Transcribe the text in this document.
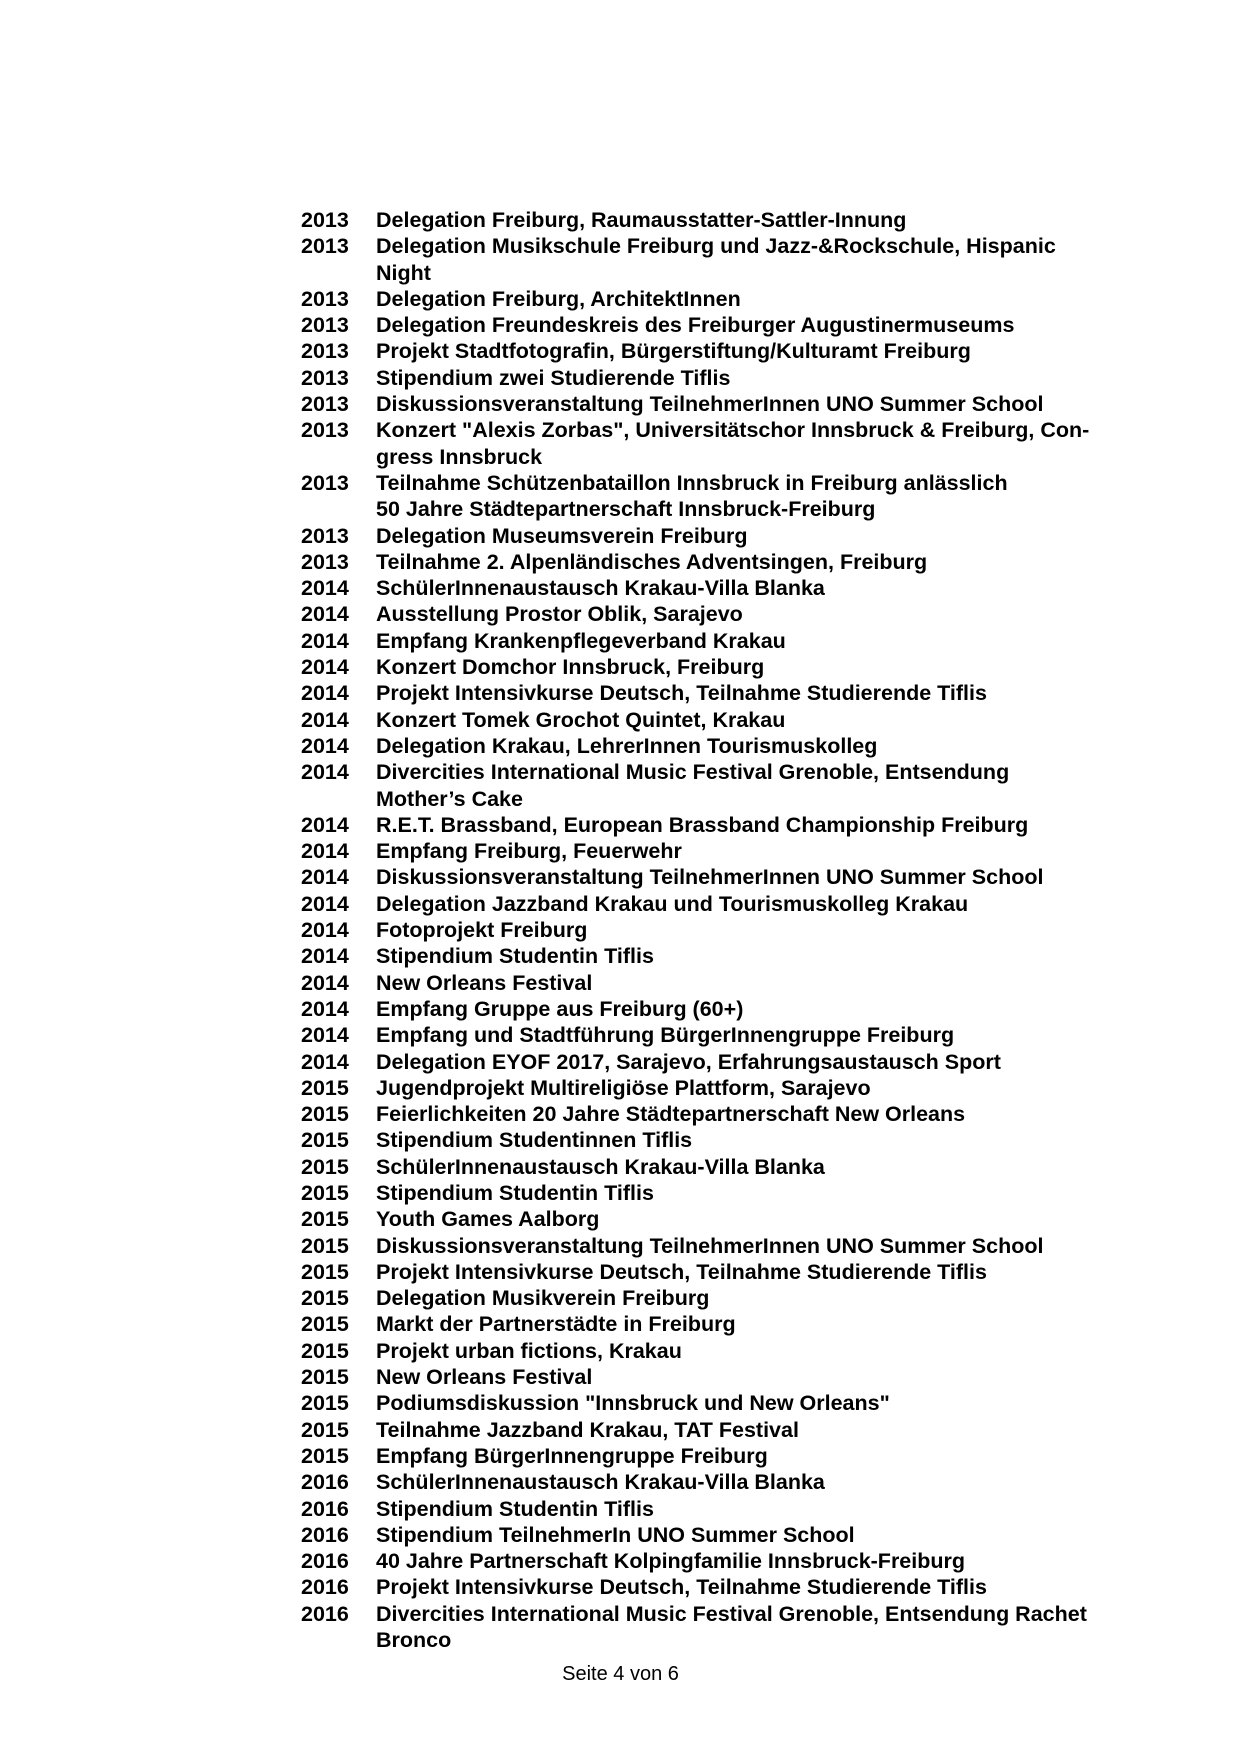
2013	Delegation Freiburg, Raumausstatter-Sattler-Innung
2013	Delegation Musikschule Freiburg und Jazz-&Rockschule, Hispanic
Night
2013	Delegation Freiburg, ArchitektInnen
2013	Delegation Freundeskreis des Freiburger Augustinermuseums
2013	Projekt Stadtfotografin, Bürgerstiftung/Kulturamt Freiburg
2013	Stipendium zwei Studierende Tiflis
2013	Diskussionsveranstaltung TeilnehmerInnen UNO Summer School
2013	Konzert "Alexis Zorbas", Universitätschor Innsbruck & Freiburg, Con-
gress Innsbruck
2013	Teilnahme Schützenbataillon Innsbruck in Freiburg anlässlich
50 Jahre Städtepartnerschaft Innsbruck-Freiburg
2013	Delegation Museumsverein Freiburg
2013	Teilnahme 2. Alpenländisches Adventsingen, Freiburg
2014	SchülerInnenaustausch Krakau-Villa Blanka
2014	Ausstellung Prostor Oblik, Sarajevo
2014	Empfang Krankenpflegeverband Krakau
2014	Konzert Domchor Innsbruck, Freiburg
2014	Projekt Intensivkurse Deutsch, Teilnahme Studierende Tiflis
2014	Konzert Tomek Grochot Quintet, Krakau
2014	Delegation Krakau, LehrerInnen Tourismuskolleg
2014	Divercities International Music Festival Grenoble, Entsendung
Mother’s Cake
2014	R.E.T. Brassband, European Brassband Championship Freiburg
2014	Empfang Freiburg, Feuerwehr
2014	Diskussionsveranstaltung TeilnehmerInnen UNO Summer School
2014	Delegation Jazzband Krakau und Tourismuskolleg Krakau
2014	Fotoprojekt Freiburg
2014	Stipendium Studentin Tiflis
2014	New Orleans Festival
2014	Empfang Gruppe aus Freiburg (60+)
2014	Empfang und Stadtführung BürgerInnengruppe Freiburg
2014	Delegation EYOF 2017, Sarajevo, Erfahrungsaustausch Sport
2015	Jugendprojekt Multireligiöse Plattform, Sarajevo
2015	Feierlichkeiten 20 Jahre Städtepartnerschaft New Orleans
2015	Stipendium Studentinnen Tiflis
2015	SchülerInnenaustausch Krakau-Villa Blanka
2015	Stipendium Studentin Tiflis
2015	Youth Games Aalborg
2015	Diskussionsveranstaltung TeilnehmerInnen UNO Summer School
2015	Projekt Intensivkurse Deutsch, Teilnahme Studierende Tiflis
2015	Delegation Musikverein Freiburg
2015	Markt der Partnerstädte in Freiburg
2015	Projekt urban fictions, Krakau
2015	New Orleans Festival
2015	Podiumsdiskussion "Innsbruck und New Orleans"
2015	Teilnahme Jazzband Krakau, TAT Festival
2015	Empfang BürgerInnengruppe Freiburg
2016	SchülerInnenaustausch Krakau-Villa Blanka
2016	Stipendium Studentin Tiflis
2016	Stipendium TeilnehmerIn UNO Summer School
2016	40 Jahre Partnerschaft Kolpingfamilie Innsbruck-Freiburg
2016	Projekt Intensivkurse Deutsch, Teilnahme Studierende Tiflis
2016	Divercities International Music Festival Grenoble, Entsendung Rachet
Bronco
Seite 4 von 6
